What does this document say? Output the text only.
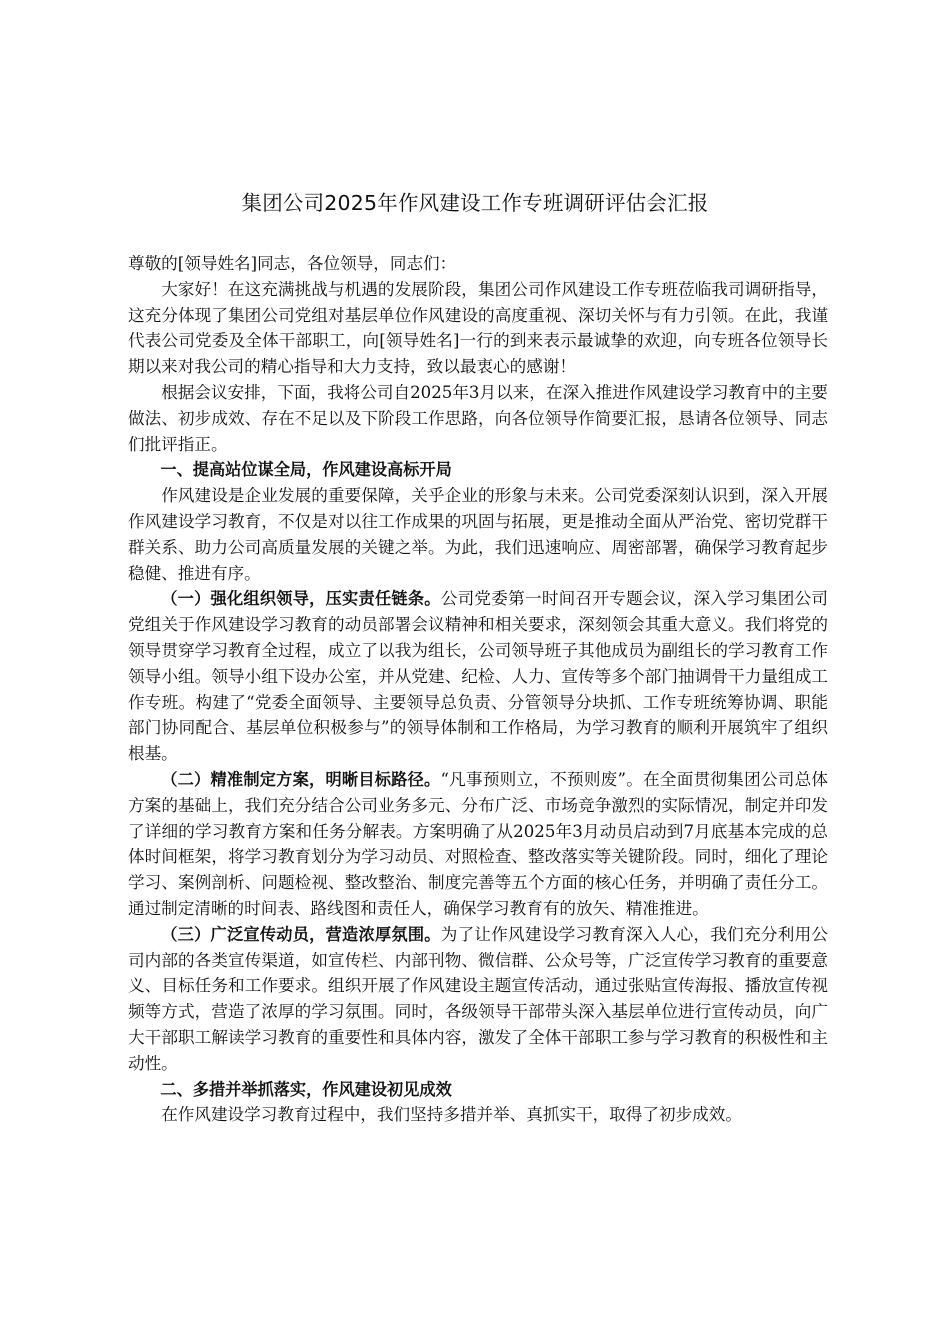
集团公司2025年作风建设工作专班调研评估会汇报

尊敬的[领导姓名]同志，各位领导，同志们：

大家好！在这充满挑战与机遇的发展阶段，集团公司作风建设工作专班莅临我司调研指导，这充分体现了集团公司党组对基层单位作风建设的高度重视、深切关怀与有力引领。在此，我谨代表公司党委及全体干部职工，向[领导姓名]一行的到来表示最诚挚的欢迎，向专班各位领导长期以来对我公司的精心指导和大力支持，致以最衷心的感谢！

根据会议安排，下面，我将公司自2025年3月以来，在深入推进作风建设学习教育中的主要做法、初步成效、存在不足以及下阶段工作思路，向各位领导作简要汇报，恳请各位领导、同志们批评指正。

一、提高站位谋全局，作风建设高标开局

作风建设是企业发展的重要保障，关乎企业的形象与未来。公司党委深刻认识到，深入开展作风建设学习教育，不仅是对以往工作成果的巩固与拓展，更是推动全面从严治党、密切党群干群关系、助力公司高质量发展的关键之举。为此，我们迅速响应、周密部署，确保学习教育起步稳健、推进有序。

（一）强化组织领导，压实责任链条。公司党委第一时间召开专题会议，深入学习集团公司党组关于作风建设学习教育的动员部署会议精神和相关要求，深刻领会其重大意义。我们将党的领导贯穿学习教育全过程，成立了以我为组长，公司领导班子其他成员为副组长的学习教育工作领导小组。领导小组下设办公室，并从党建、纪检、人力、宣传等多个部门抽调骨干力量组成工作专班。构建了“党委全面领导、主要领导总负责、分管领导分块抓、工作专班统筹协调、职能部门协同配合、基层单位积极参与”的领导体制和工作格局，为学习教育的顺利开展筑牢了组织根基。

（二）精准制定方案，明晰目标路径。“凡事预则立，不预则废”。在全面贯彻集团公司总体方案的基础上，我们充分结合公司业务多元、分布广泛、市场竞争激烈的实际情况，制定并印发了详细的学习教育方案和任务分解表。方案明确了从2025年3月动员启动到7月底基本完成的总体时间框架，将学习教育划分为学习动员、对照检查、整改落实等关键阶段。同时，细化了理论学习、案例剖析、问题检视、整改整治、制度完善等五个方面的核心任务，并明确了责任分工。通过制定清晰的时间表、路线图和责任人，确保学习教育有的放矢、精准推进。

（三）广泛宣传动员，营造浓厚氛围。为了让作风建设学习教育深入人心，我们充分利用公司内部的各类宣传渠道，如宣传栏、内部刊物、微信群、公众号等，广泛宣传学习教育的重要意义、目标任务和工作要求。组织开展了作风建设主题宣传活动，通过张贴宣传海报、播放宣传视频等方式，营造了浓厚的学习氛围。同时，各级领导干部带头深入基层单位进行宣传动员，向广大干部职工解读学习教育的重要性和具体内容，激发了全体干部职工参与学习教育的积极性和主动性。

二、多措并举抓落实，作风建设初见成效

在作风建设学习教育过程中，我们坚持多措并举、真抓实干，取得了初步成效。
